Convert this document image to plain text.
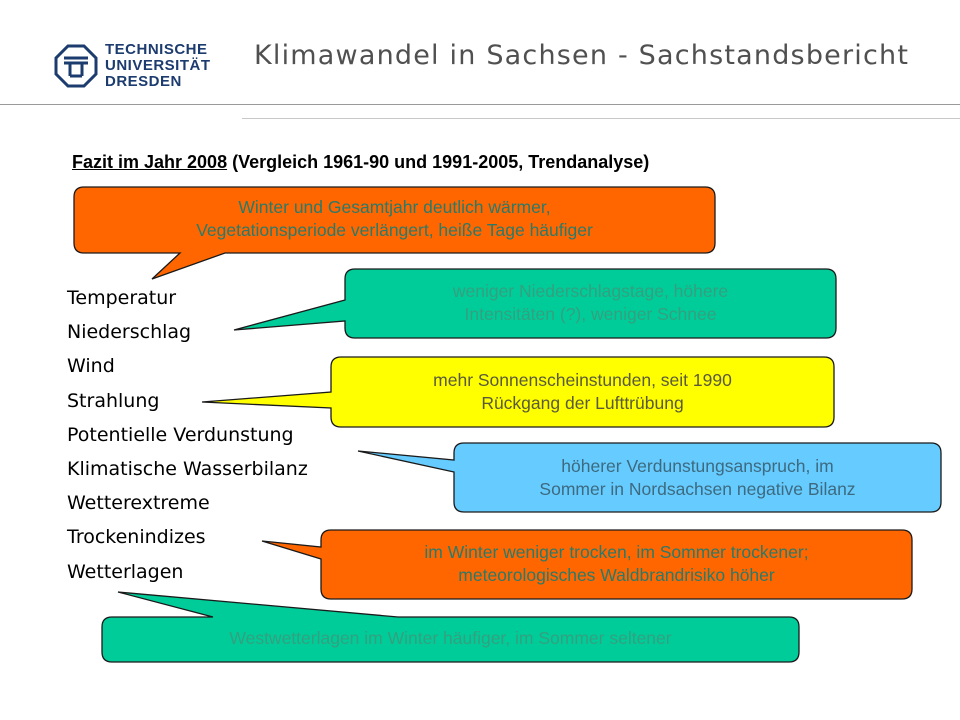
TECHNISCHE
UNIVERSITÄT
DRESDEN
Klimawandel in Sachsen - Sachstandsbericht
Fazit im Jahr 2008 (Vergleich 1961-90 und 1991-2005, Trendanalyse)
Temperatur
Niederschlag
Wind
Strahlung
Potentielle Verdunstung
Klimatische Wasserbilanz
Wetterextreme
Trockenindizes
Wetterlagen
Winter und Gesamtjahr deutlich wärmer,
Vegetationsperiode verlängert, heiße Tage häufiger
weniger Niederschlagstage, höhere
Intensitäten (?), weniger Schnee
mehr Sonnenscheinstunden, seit 1990
Rückgang der Lufttrübung
höherer Verdunstungsanspruch, im
Sommer in Nordsachsen negative Bilanz
im Winter weniger trocken, im Sommer trockener;
meteorologisches Waldbrandrisiko höher
Westwetterlagen im Winter häufiger, im Sommer seltener
